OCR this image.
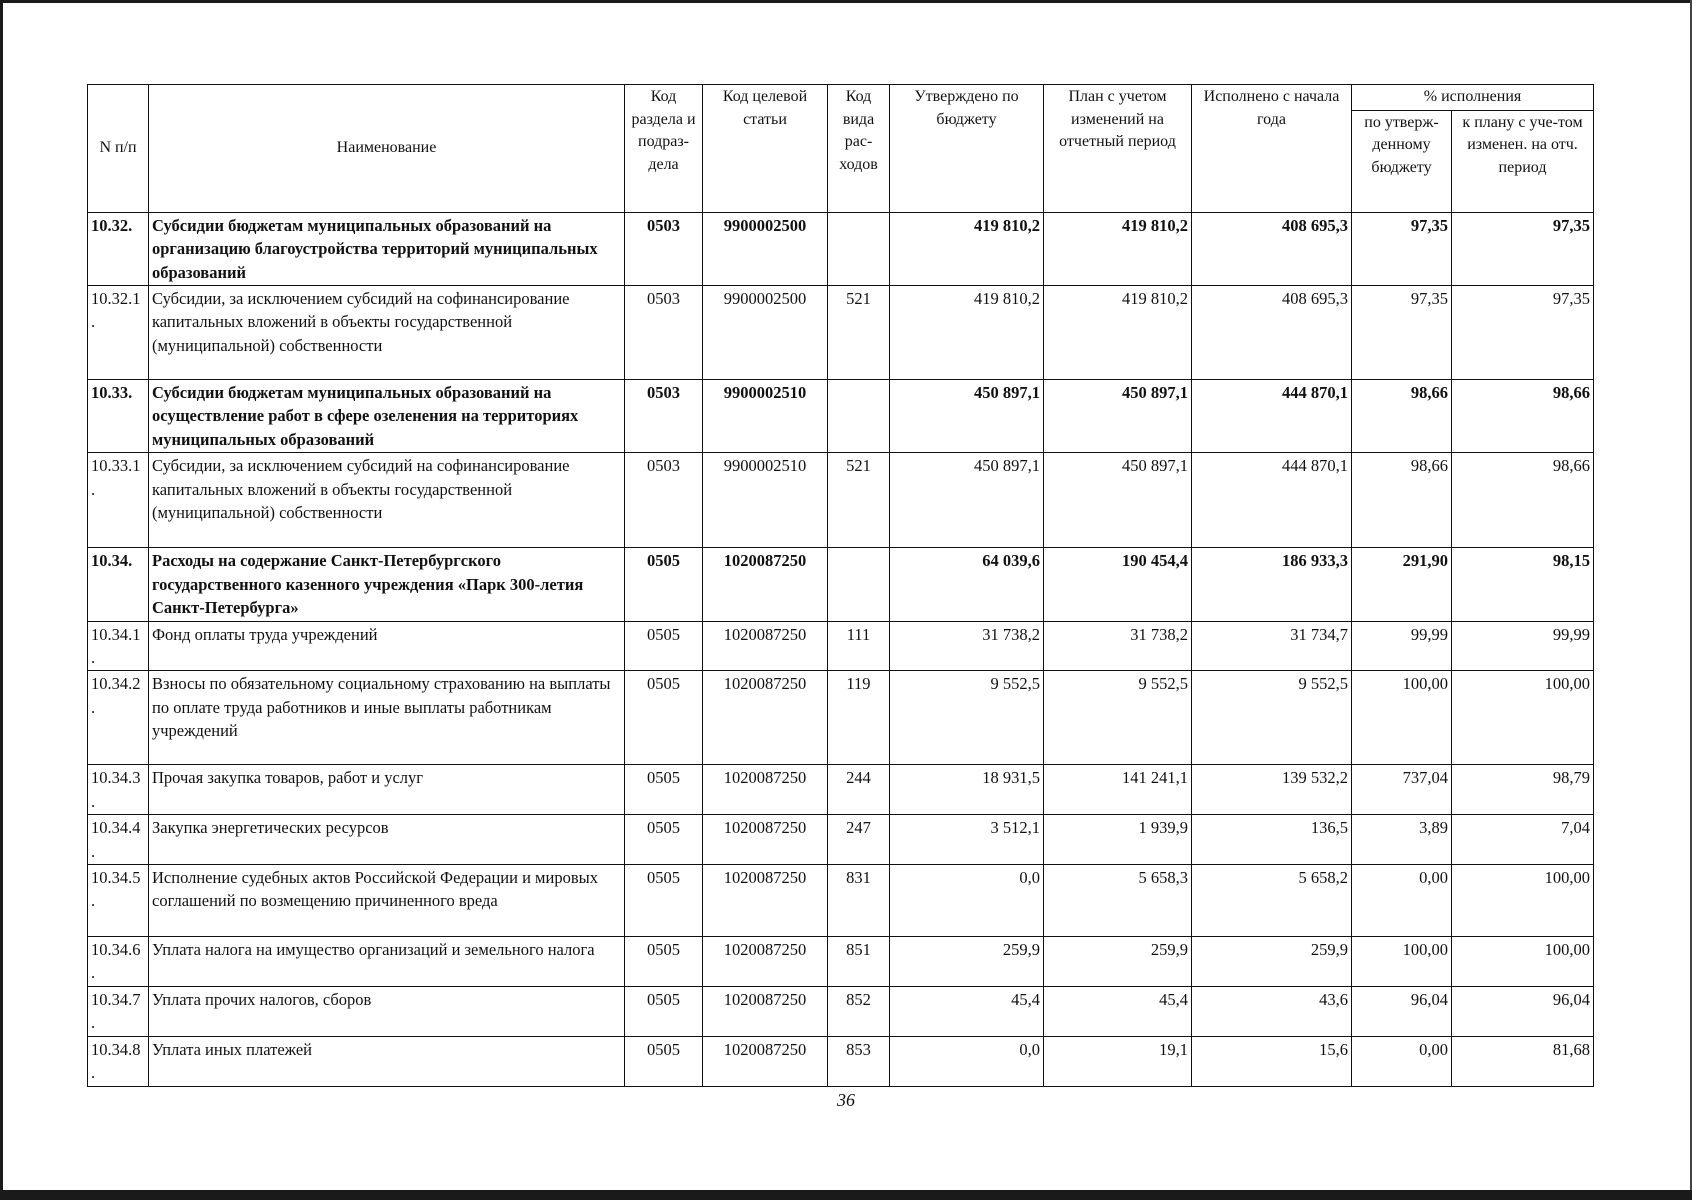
N п/п	Наименование	Код раздела и подраз-дела	Код целевой статьи	Код вида рас-ходов	Утверждено по бюджету	План с учетом изменений на отчетный период	Исполнено с начала года	% исполнения	
								по утверж-денному бюджету	к плану с уче-том изменен. на отч. период
10.32.	Субсидии бюджетам муниципальных образований на организацию благоустройства территорий муниципальных образований	0503	9900002500		419 810,2	419 810,2	408 695,3	97,35	97,35
10.32.1 .	Субсидии, за исключением субсидий на софинансирование капитальных вложений в объекты государственной (муниципальной) собственности	0503	9900002500	521	419 810,2	419 810,2	408 695,3	97,35	97,35
10.33.	Субсидии бюджетам муниципальных образований на осуществление работ в сфере озеленения на территориях муниципальных образований	0503	9900002510		450 897,1	450 897,1	444 870,1	98,66	98,66
10.33.1 .	Субсидии, за исключением субсидий на софинансирование капитальных вложений в объекты государственной (муниципальной) собственности	0503	9900002510	521	450 897,1	450 897,1	444 870,1	98,66	98,66
10.34.	Расходы на содержание Санкт-Петербургского государственного казенного учреждения «Парк 300-летия Санкт-Петербурга»	0505	1020087250		64 039,6	190 454,4	186 933,3	291,90	98,15
10.34.1 .	Фонд оплаты труда учреждений	0505	1020087250	111	31 738,2	31 738,2	31 734,7	99,99	99,99
10.34.2 .	Взносы по обязательному социальному страхованию на выплаты по оплате труда работников и иные выплаты работникам учреждений	0505	1020087250	119	9 552,5	9 552,5	9 552,5	100,00	100,00
10.34.3 .	Прочая закупка товаров, работ и услуг	0505	1020087250	244	18 931,5	141 241,1	139 532,2	737,04	98,79
10.34.4 .	Закупка энергетических ресурсов	0505	1020087250	247	3 512,1	1 939,9	136,5	3,89	7,04
10.34.5 .	Исполнение судебных актов Российской Федерации и мировых соглашений по возмещению причиненного вреда	0505	1020087250	831	0,0	5 658,3	5 658,2	0,00	100,00
10.34.6 .	Уплата налога на имущество организаций и земельного налога	0505	1020087250	851	259,9	259,9	259,9	100,00	100,00
10.34.7 .	Уплата прочих налогов, сборов	0505	1020087250	852	45,4	45,4	43,6	96,04	96,04
10.34.8 .	Уплата иных платежей	0505	1020087250	853	0,0	19,1	15,6	0,00	81,68
36
